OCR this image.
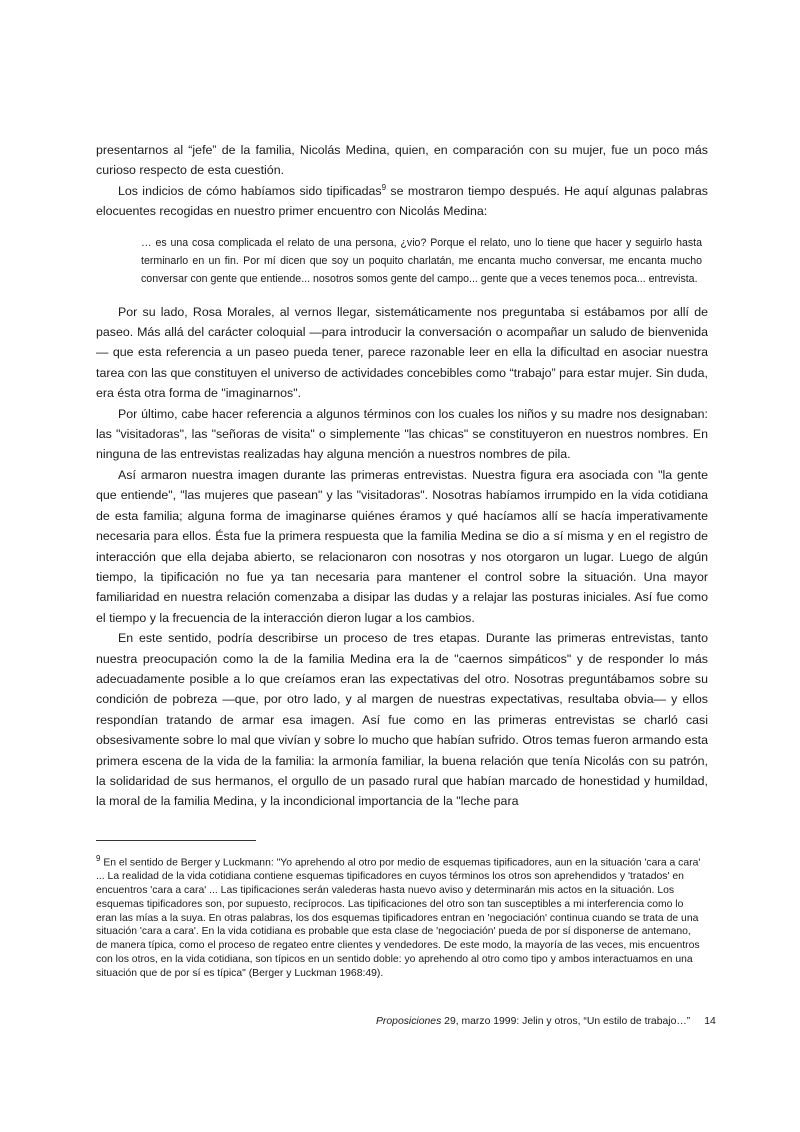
presentarnos al “jefe” de la familia, Nicolás Medina, quien, en comparación con su mujer, fue un poco más curioso respecto de esta cuestión.

Los indicios de cómo habíamos sido tipificadas$^9$ se mostraron tiempo después. He aquí algunas palabras elocuentes recogidas en nuestro primer encuentro con Nicolás Medina:

… es una cosa complicada el relato de una persona, ¿vio? Porque el relato, uno lo tiene que hacer y seguirlo hasta terminarlo en un fin. Por mí dicen que soy un poquito charlatán, me encanta mucho conversar, me encanta mucho conversar con gente que entiende... nosotros somos gente del campo... gente que a veces tenemos poca... entrevista.

Por su lado, Rosa Morales, al vernos llegar, sistemáticamente nos preguntaba si estábamos por allí de paseo. Más allá del carácter coloquial —para introducir la conversación o acompañar un saludo de bienvenida— que esta referencia a un paseo pueda tener, parece razonable leer en ella la dificultad en asociar nuestra tarea con las que constituyen el universo de actividades concebibles como “trabajo” para estar mujer. Sin duda, era ésta otra forma de "imaginarnos".

Por último, cabe hacer referencia a algunos términos con los cuales los niños y su madre nos designaban: las "visitadoras", las "señoras de visita" o simplemente "las chicas" se constituyeron en nuestros nombres. En ninguna de las entrevistas realizadas hay alguna mención a nuestros nombres de pila.

Así armaron nuestra imagen durante las primeras entrevistas. Nuestra figura era asociada con "la gente que entiende", "las mujeres que pasean" y las "visitadoras". Nosotras habíamos irrumpido en la vida cotidiana de esta familia; alguna forma de imaginarse quiénes éramos y qué hacíamos allí se hacía imperativamente necesaria para ellos. Ésta fue la primera respuesta que la familia Medina se dio a sí misma y en el registro de interacción que ella dejaba abierto, se relacionaron con nosotras y nos otorgaron un lugar. Luego de algún tiempo, la tipificación no fue ya tan necesaria para mantener el control sobre la situación. Una mayor familiaridad en nuestra relación comenzaba a disipar las dudas y a relajar las posturas iniciales. Así fue como el tiempo y la frecuencia de la interacción dieron lugar a los cambios.

En este sentido, podría describirse un proceso de tres etapas. Durante las primeras entrevistas, tanto nuestra preocupación como la de la familia Medina era la de "caernos simpáticos" y de responder lo más adecuadamente posible a lo que creíamos eran las expectativas del otro. Nosotras preguntábamos sobre su condición de pobreza —que, por otro lado, y al margen de nuestras expectativas, resultaba obvia— y ellos respondían tratando de armar esa imagen. Así fue como en las primeras entrevistas se charló casi obsesivamente sobre lo mal que vivían y sobre lo mucho que habían sufrido. Otros temas fueron armando esta primera escena de la vida de la familia: la armonía familiar, la buena relación que tenía Nicolás con su patrón, la solidaridad de sus hermanos, el orgullo de un pasado rural que habían marcado de honestidad y humildad, la moral de la familia Medina, y la incondicional importancia de la "leche para

$^9$ En el sentido de Berger y Luckmann: "Yo aprehendo al otro por medio de esquemas tipificadores, aun en la situación 'cara a cara' ... La realidad de la vida cotidiana contiene esquemas tipificadores en cuyos términos los otros son aprehendidos y 'tratados' en encuentros 'cara a cara' ... Las tipificaciones serán valederas hasta nuevo aviso y determinarán mis actos en la situación. Los esquemas tipificadores son, por supuesto, recíprocos. Las tipificaciones del otro son tan susceptibles a mi interferencia como lo eran las mías a la suya. En otras palabras, los dos esquemas tipificadores entran en 'negociación' continua cuando se trata de una situación 'cara a cara'. En la vida cotidiana es probable que esta clase de 'negociación' pueda de por sí disponerse de antemano, de manera típica, como el proceso de regateo entre clientes y vendedores. De este modo, la mayoría de las veces, mis encuentros con los otros, en la vida cotidiana, son típicos en un sentido doble: yo aprehendo al otro como tipo y ambos interactuamos en una situación que de por sí es típica" (Berger y Luckman 1968:49).
Proposiciones 29, marzo 1999: Jelin y otros, “Un estilo de trabajo…” 14
